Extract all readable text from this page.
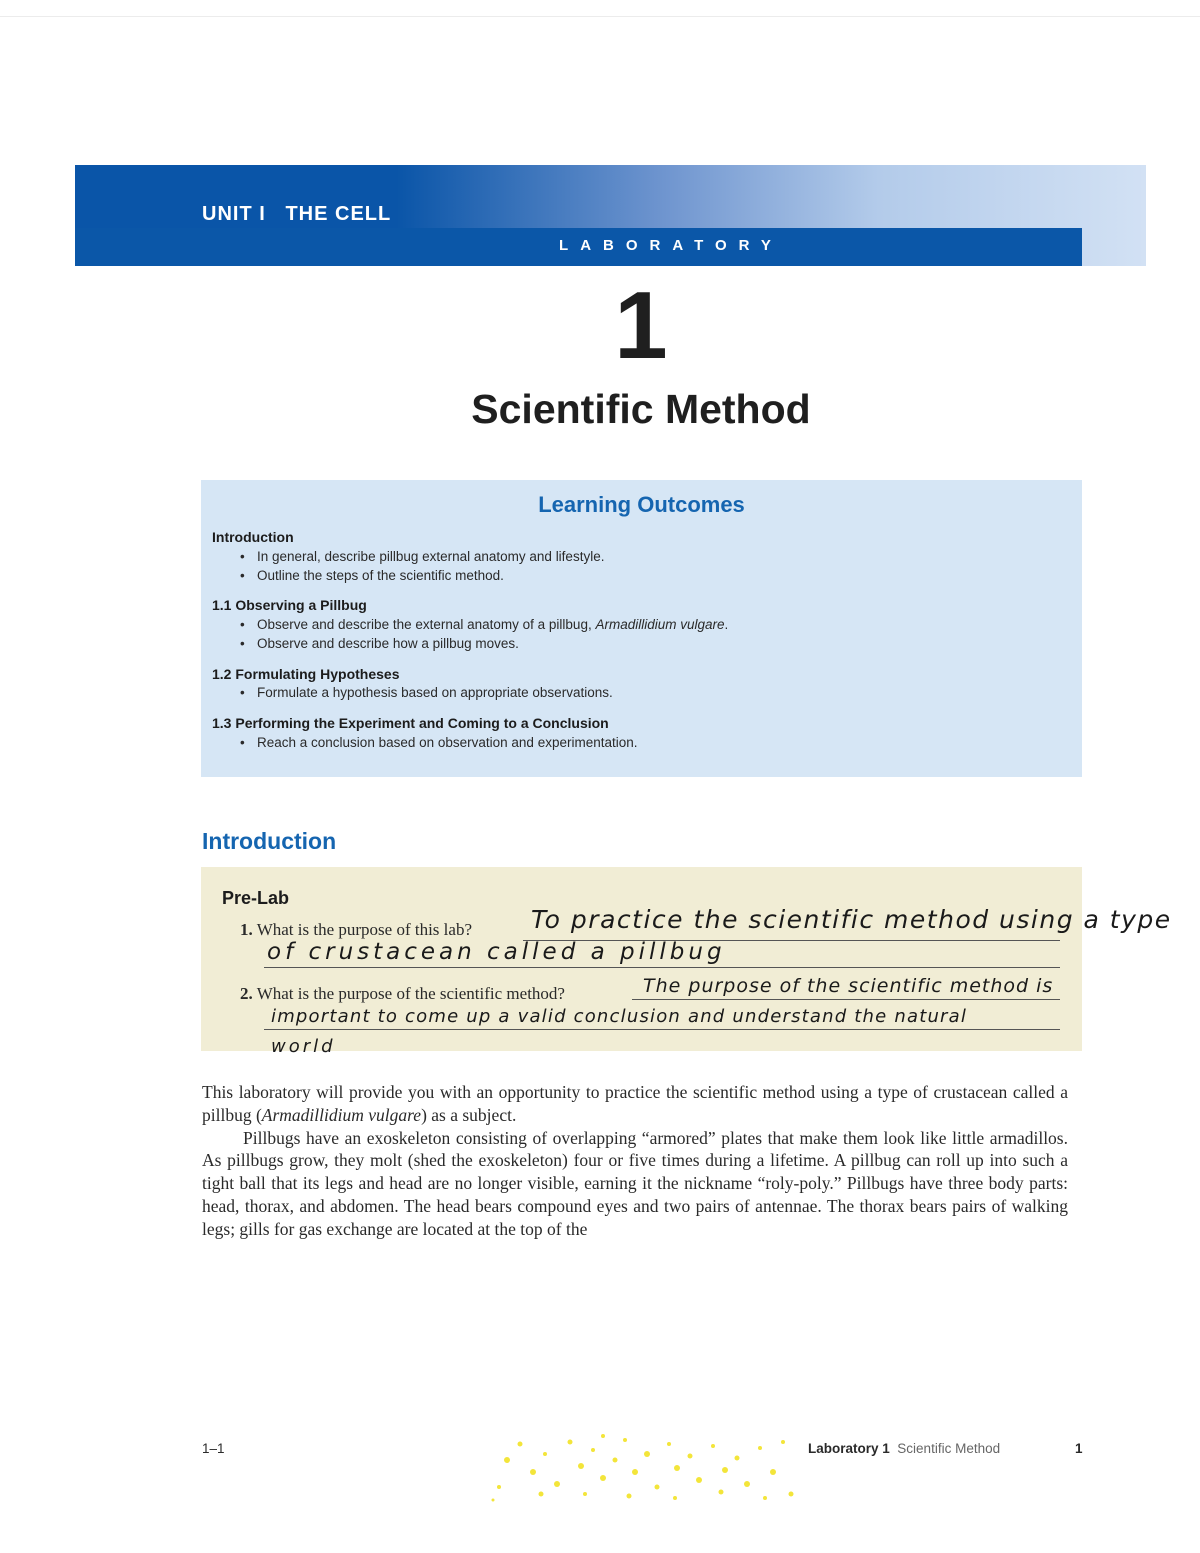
UNIT I THE CELL
LABORATORY
1
Scientific Method
Learning Outcomes
Introduction
• In general, describe pillbug external anatomy and lifestyle.
• Outline the steps of the scientific method.
1.1 Observing a Pillbug
• Observe and describe the external anatomy of a pillbug, Armadillidium vulgare.
• Observe and describe how a pillbug moves.
1.2 Formulating Hypotheses
• Formulate a hypothesis based on appropriate observations.
1.3 Performing the Experiment and Coming to a Conclusion
• Reach a conclusion based on observation and experimentation.
Introduction
Pre-Lab
1. What is the purpose of this lab? To practice the scientific method using a type
of crustacean called a pillbug
2. What is the purpose of the scientific method?	The purpose of the scientific method is
important to come up a valid conclusion and understand the natural
world

This laboratory will provide you with an opportunity to practice the scientific method using a type of crustacean called a pillbug (Armadillidium vulgare) as a subject.

Pillbugs have an exoskeleton consisting of overlapping “armored” plates that make them look like little armadillos. As pillbugs grow, they molt (shed the exoskeleton) four or five times during a lifetime. A pillbug can roll up into such a tight ball that its legs and head are no longer visible, earning it the nickname “roly-poly.” Pillbugs have three body parts: head, thorax, and abdomen. The head bears compound eyes and two pairs of antennae. The thorax bears pairs of walking legs; gills for gas exchange are located at the top of the

1–1	Laboratory 1 Scientific Method	1
